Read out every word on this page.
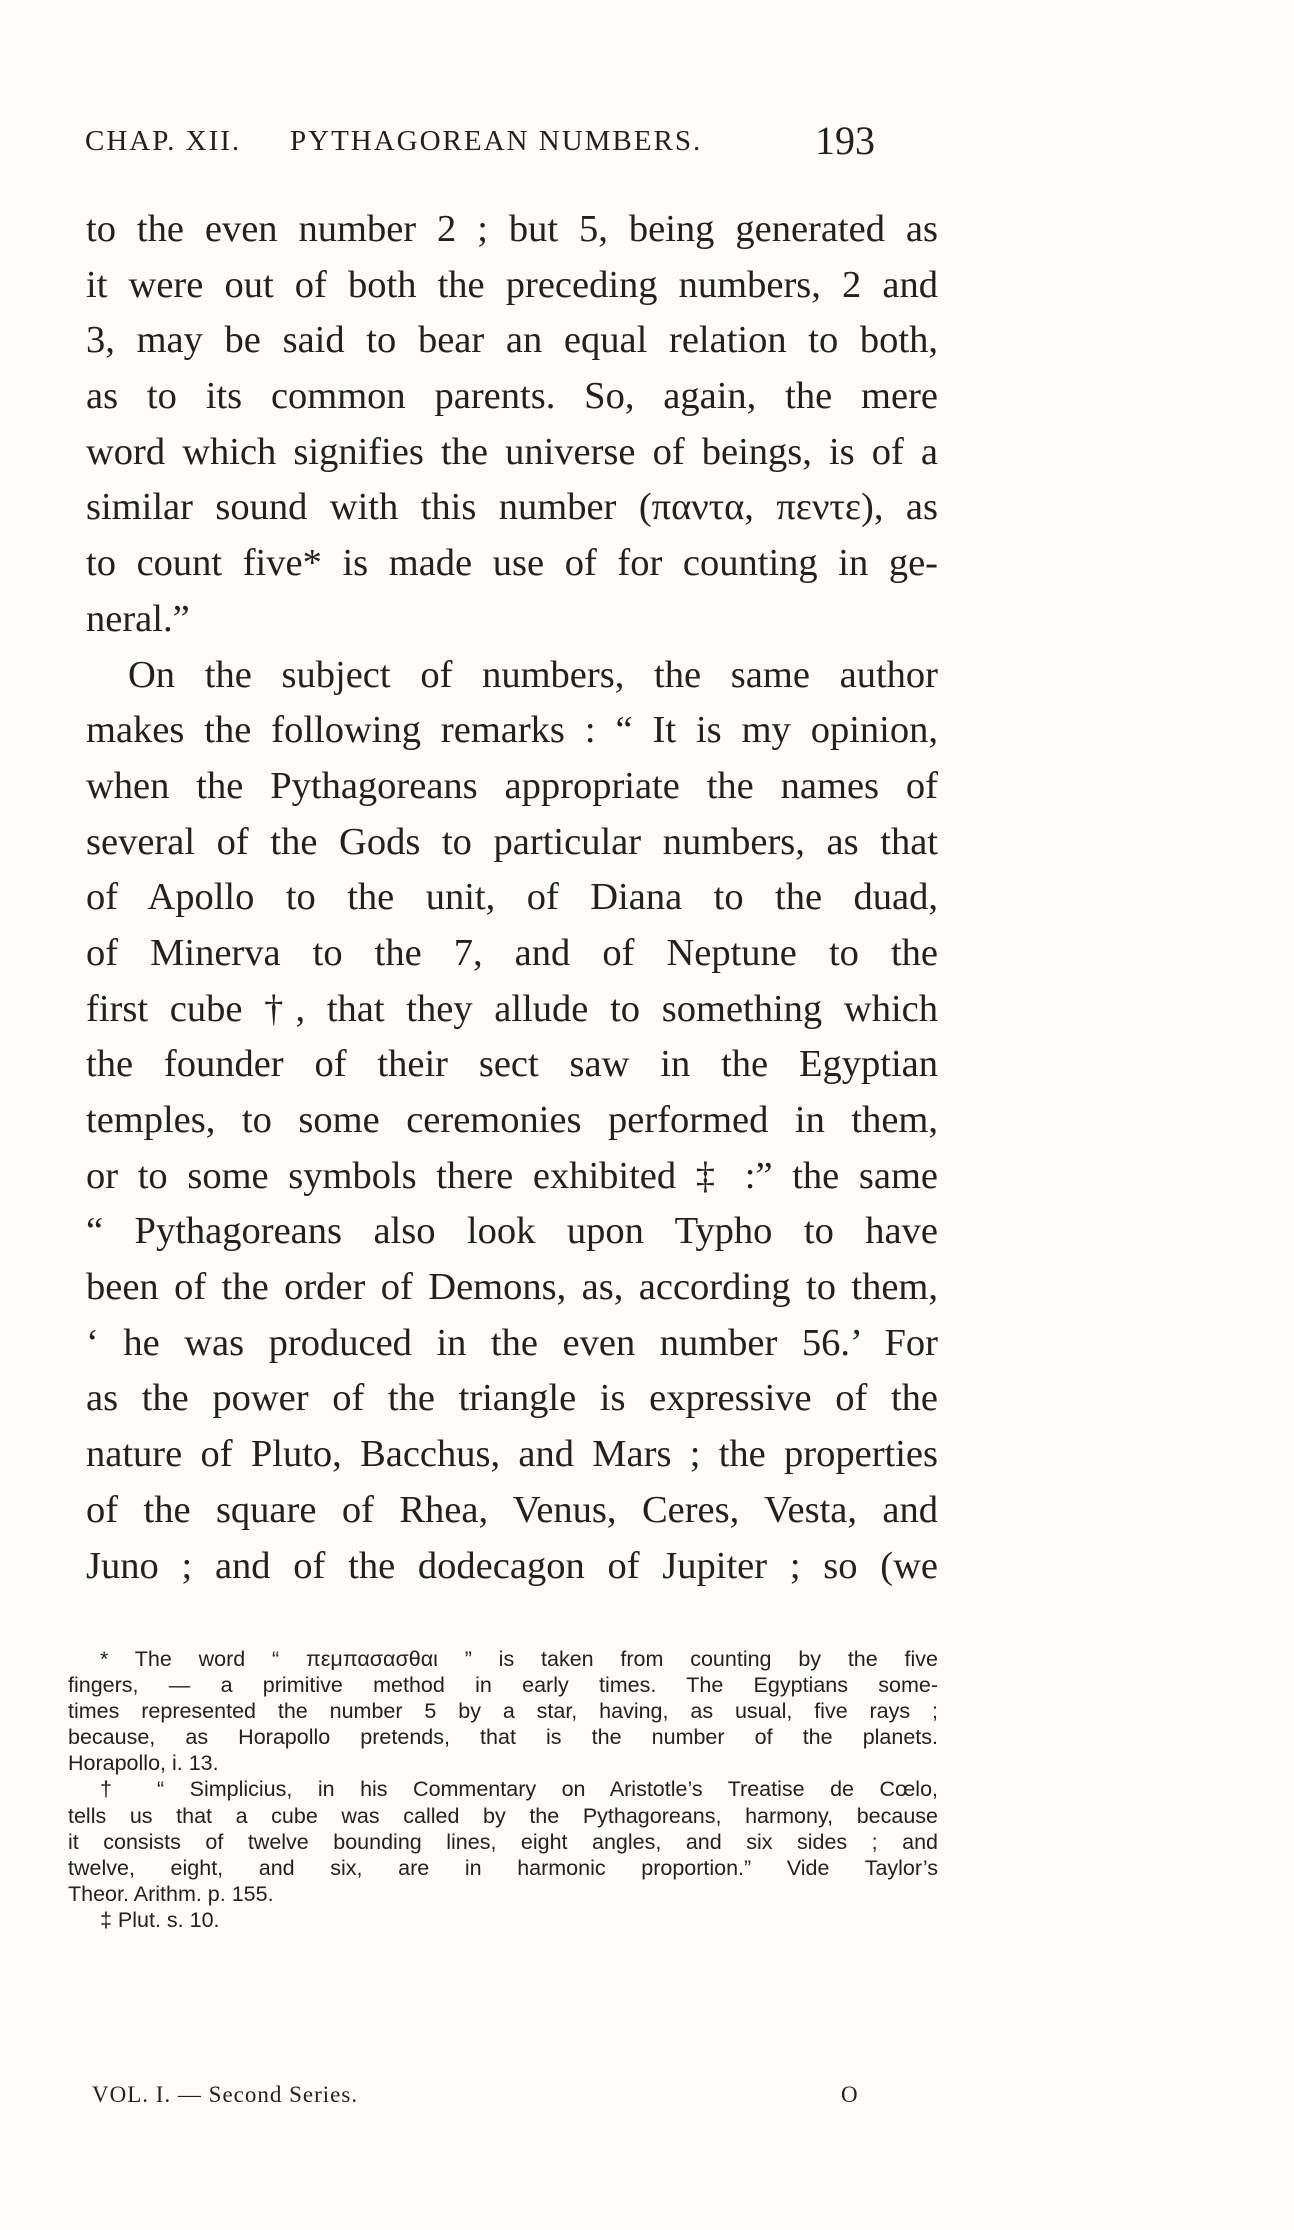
CHAP. XII. PYTHAGOREAN NUMBERS.	193
to the even number 2 ; but 5, being generated as
it were out of both the preceding numbers, 2 and
3, may be said to bear an equal relation to both,
as to its common parents. So, again, the mere
word which signifies the universe of beings, is of a
similar sound with this number (παντα, πεντε), as
to count five* is made use of for counting in ge-
neral.”
On the subject of numbers, the same author
makes the following remarks : “ It is my opinion,
when the Pythagoreans appropriate the names of
several of the Gods to particular numbers, as that
of Apollo to the unit, of Diana to the duad,
of Minerva to the 7, and of Neptune to the
first cube †, that they allude to something which
the founder of their sect saw in the Egyptian
temples, to some ceremonies performed in them,
or to some symbols there exhibited ‡ :” the same
“ Pythagoreans also look upon Typho to have
been of the order of Demons, as, according to them,
‘ he was produced in the even number 56.’ For
as the power of the triangle is expressive of the
nature of Pluto, Bacchus, and Mars ; the properties
of the square of Rhea, Venus, Ceres, Vesta, and
Juno ; and of the dodecagon of Jupiter ; so (we
* The word “ πεμπασασθαι ” is taken from counting by the five
fingers, — a primitive method in early times. The Egyptians some-
times represented the number 5 by a star, having, as usual, five rays ;
because, as Horapollo pretends, that is the number of the planets.
Horapollo, i. 13.
† “ Simplicius, in his Commentary on Aristotle’s Treatise de Cœlo,
tells us that a cube was called by the Pythagoreans, harmony, because
it consists of twelve bounding lines, eight angles, and six sides ; and
twelve, eight, and six, are in harmonic proportion.” Vide Taylor’s
Theor. Arithm. p. 155.
‡ Plut. s. 10.
VOL. I. — Second Series.	O
